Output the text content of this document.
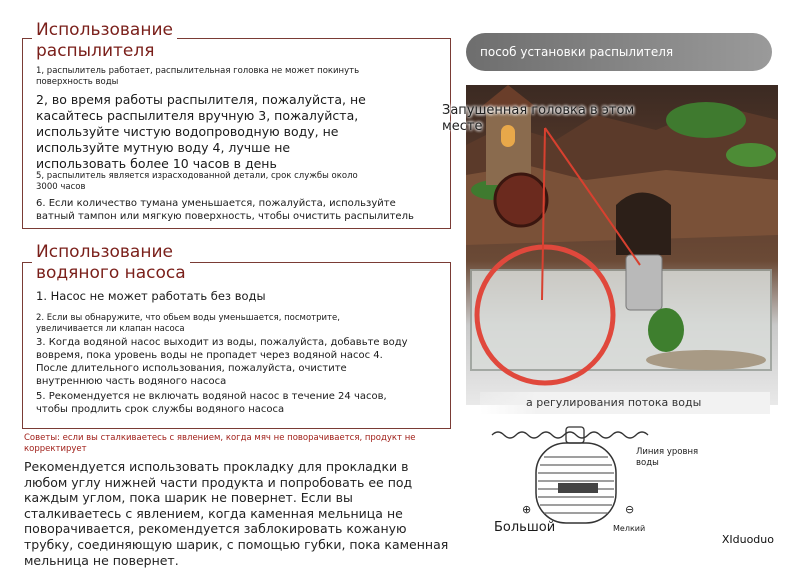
Использование
распылителя
1, распылитель работает, распылительная головка не может покинуть поверхность воды
2, во время работы распылителя, пожалуйста, не касайтесь распылителя вручную 3, пожалуйста, используйте чистую водопроводную воду, не используйте мутную воду 4, лучше не использовать более 10 часов в день
5, распылитель является израсходованной детали, срок службы около 3000 часов
6. Если количество тумана уменьшается, пожалуйста, используйте ватный тампон или мягкую поверхность, чтобы очистить распылитель
Использование
водяного насоса
1. Насос не может работать без воды
2. Если вы обнаружите, что обьем воды уменьшается, посмотрите, увеличивается ли клапан насоса
3. Когда водяной насос выходит из воды, пожалуйста, добавьте воду вовремя, пока уровень воды не пропадет через водяной насос 4. После длительного использования, пожалуйста, очистите внутреннюю часть водяного насоса
5. Рекомендуется не включать водяной насос в течение 24 часов, чтобы продлить срок службы водяного насоса
пособ установки распылителя
Запушенная головка в этом месте
а регулирования потока воды
Советы: если вы сталкиваетесь с явлением, когда мяч не поворачивается, продукт не корректирует
Рекомендуется использовать прокладку для прокладки в любом углу нижней части продукта и попробовать ее под каждым углом, пока шарик не повернет. Если вы сталкиваетесь с явлением, когда каменная мельница не поворачивается, рекомендуется заблокировать кожаную трубку, соединяющую шарик, с помощью губки, пока каменная мельница не повернет.
Линия уровня воды
⊕	⊖
Большой	Мелкий
XIduoduo
